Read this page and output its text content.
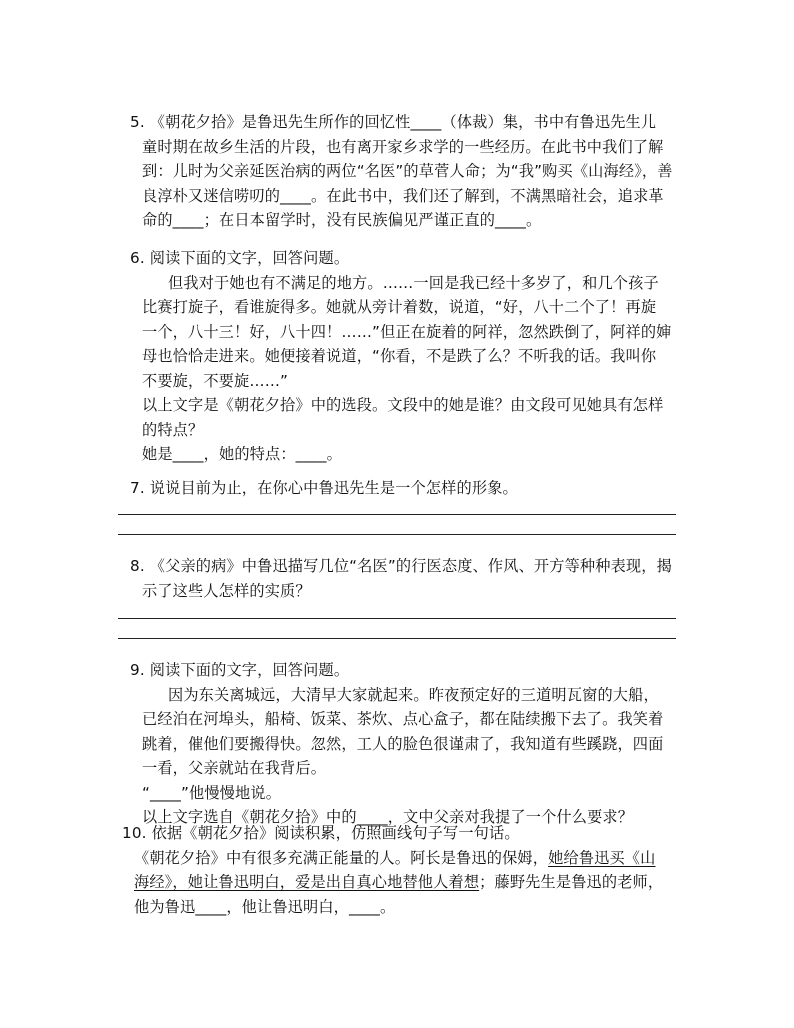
5. 《朝花夕拾》是鲁迅先生所作的回忆性____（体裁）集，书中有鲁迅先生儿

童时期在故乡生活的片段，也有离开家乡求学的一些经历。在此书中我们了解

到：儿时为父亲延医治病的两位“名医”的草菅人命；为“我”购买《山海经》，善

良淳朴又迷信唠叨的____。在此书中，我们还了解到，不满黑暗社会，追求革

命的____；在日本留学时，没有民族偏见严谨正直的____。

6. 阅读下面的文字，回答问题。

但我对于她也有不满足的地方。……一回是我已经十多岁了，和几个孩子

比赛打旋子，看谁旋得多。她就从旁计着数，说道，“好，八十二个了！再旋

一个，八十三！好，八十四！……”但正在旋着的阿祥，忽然跌倒了，阿祥的婶

母也恰恰走进来。她便接着说道，“你看，不是跌了么？不听我的话。我叫你

不要旋，不要旋……”

以上文字是《朝花夕拾》中的选段。文段中的她是谁？由文段可见她具有怎样

的特点？

她是____，她的特点：____。

7. 说说目前为止，在你心中鲁迅先生是一个怎样的形象。

8. 《父亲的病》中鲁迅描写几位“名医”的行医态度、作风、开方等种种表现，揭

示了这些人怎样的实质？

9. 阅读下面的文字，回答问题。

因为东关离城远，大清早大家就起来。昨夜预定好的三道明瓦窗的大船，

已经泊在河埠头，船椅、饭菜、茶炊、点心盒子，都在陆续搬下去了。我笑着

跳着，催他们要搬得快。忽然，工人的脸色很谨肃了，我知道有些蹊跷，四面

一看，父亲就站在我背后。

“____”他慢慢地说。

以上文字选自《朝花夕拾》中的____，文中父亲对我提了一个什么要求？

10. 依据《朝花夕拾》阅读积累，仿照画线句子写一句话。

《朝花夕拾》中有很多充满正能量的人。阿长是鲁迅的保姆，她给鲁迅买《山

海经》，她让鲁迅明白，爱是出自真心地替他人着想；藤野先生是鲁迅的老师，

他为鲁迅____，他让鲁迅明白，____。
